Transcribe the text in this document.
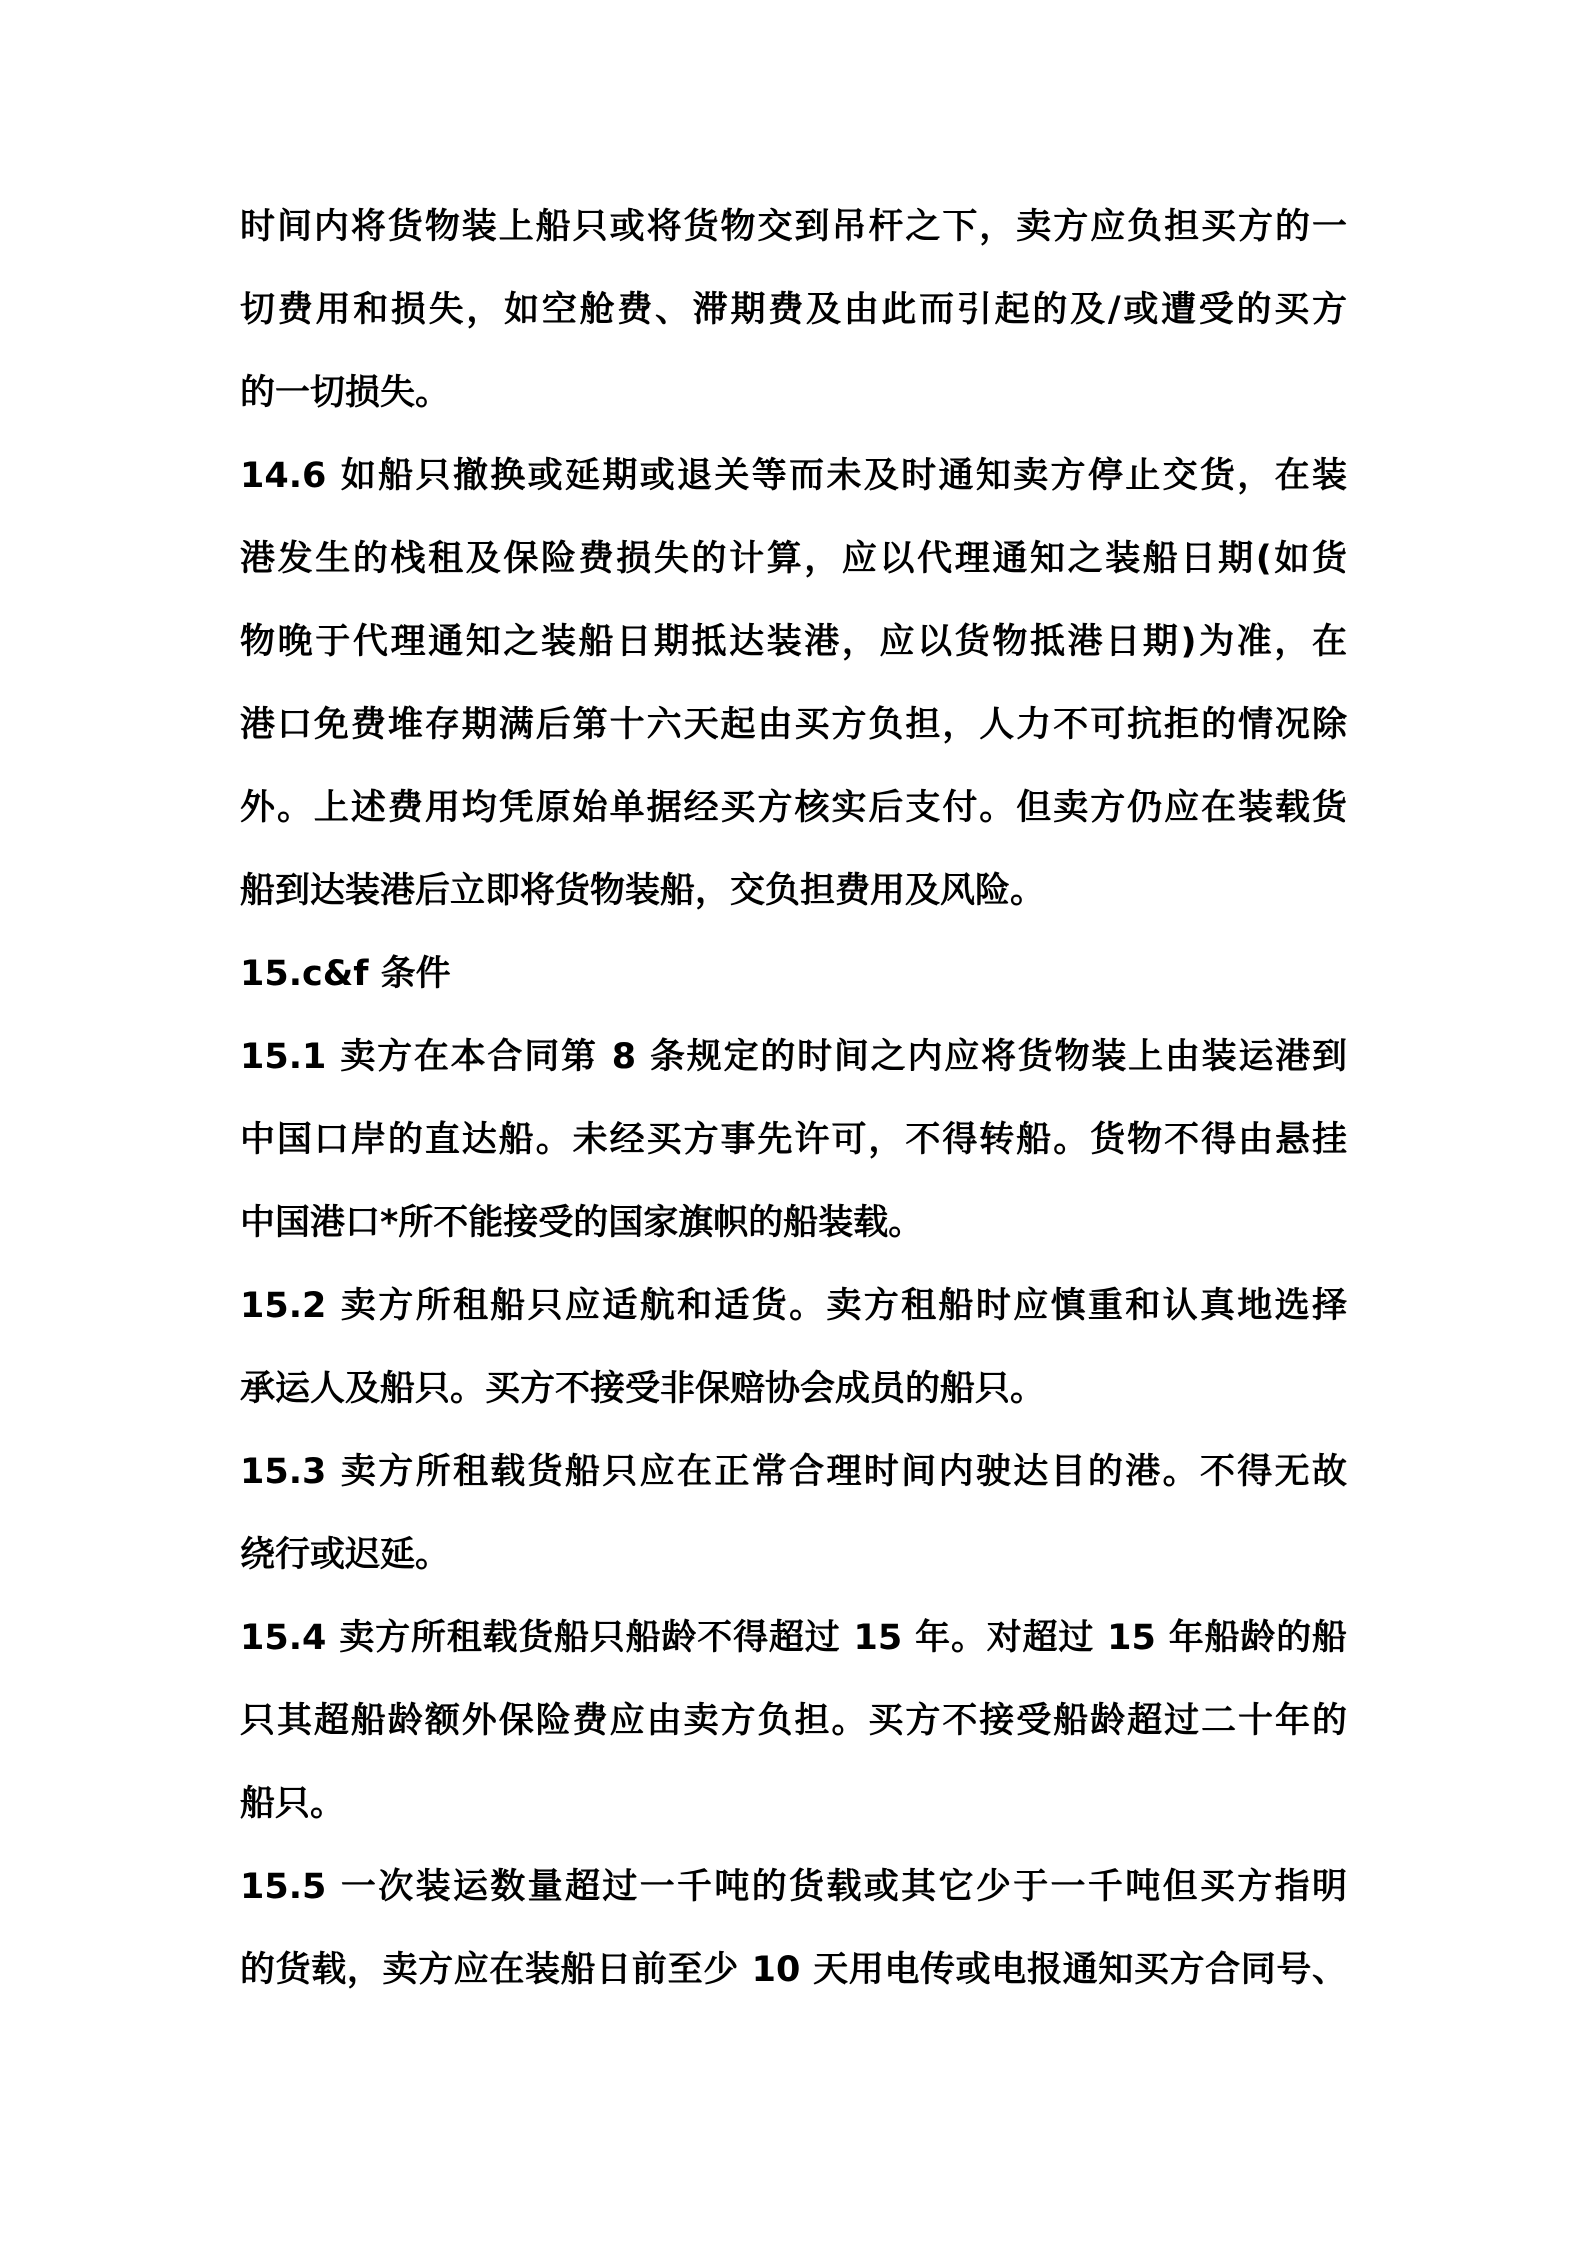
时间内将货物装上船只或将货物交到吊杆之下，卖方应负担买方的一
切费用和损失，如空舱费、滞期费及由此而引起的及/或遭受的买方
的一切损失。
14.6 如船只撤换或延期或退关等而未及时通知卖方停止交货，在装
港发生的栈租及保险费损失的计算，应以代理通知之装船日期(如货
物晚于代理通知之装船日期抵达装港，应以货物抵港日期)为准，在
港口免费堆存期满后第十六天起由买方负担，人力不可抗拒的情况除
外。上述费用均凭原始单据经买方核实后支付。但卖方仍应在装载货
船到达装港后立即将货物装船，交负担费用及风险。
15.c&f 条件
15.1 卖方在本合同第 8 条规定的时间之内应将货物装上由装运港到
中国口岸的直达船。未经买方事先许可，不得转船。货物不得由悬挂
中国港口*所不能接受的国家旗帜的船装载。
15.2 卖方所租船只应适航和适货。卖方租船时应慎重和认真地选择
承运人及船只。买方不接受非保赔协会成员的船只。
15.3 卖方所租载货船只应在正常合理时间内驶达目的港。不得无故
绕行或迟延。
15.4 卖方所租载货船只船龄不得超过 15 年。对超过 15 年船龄的船
只其超船龄额外保险费应由卖方负担。买方不接受船龄超过二十年的
船只。
15.5 一次装运数量超过一千吨的货载或其它少于一千吨但买方指明
的货载，卖方应在装船日前至少 10 天用电传或电报通知买方合同号、
